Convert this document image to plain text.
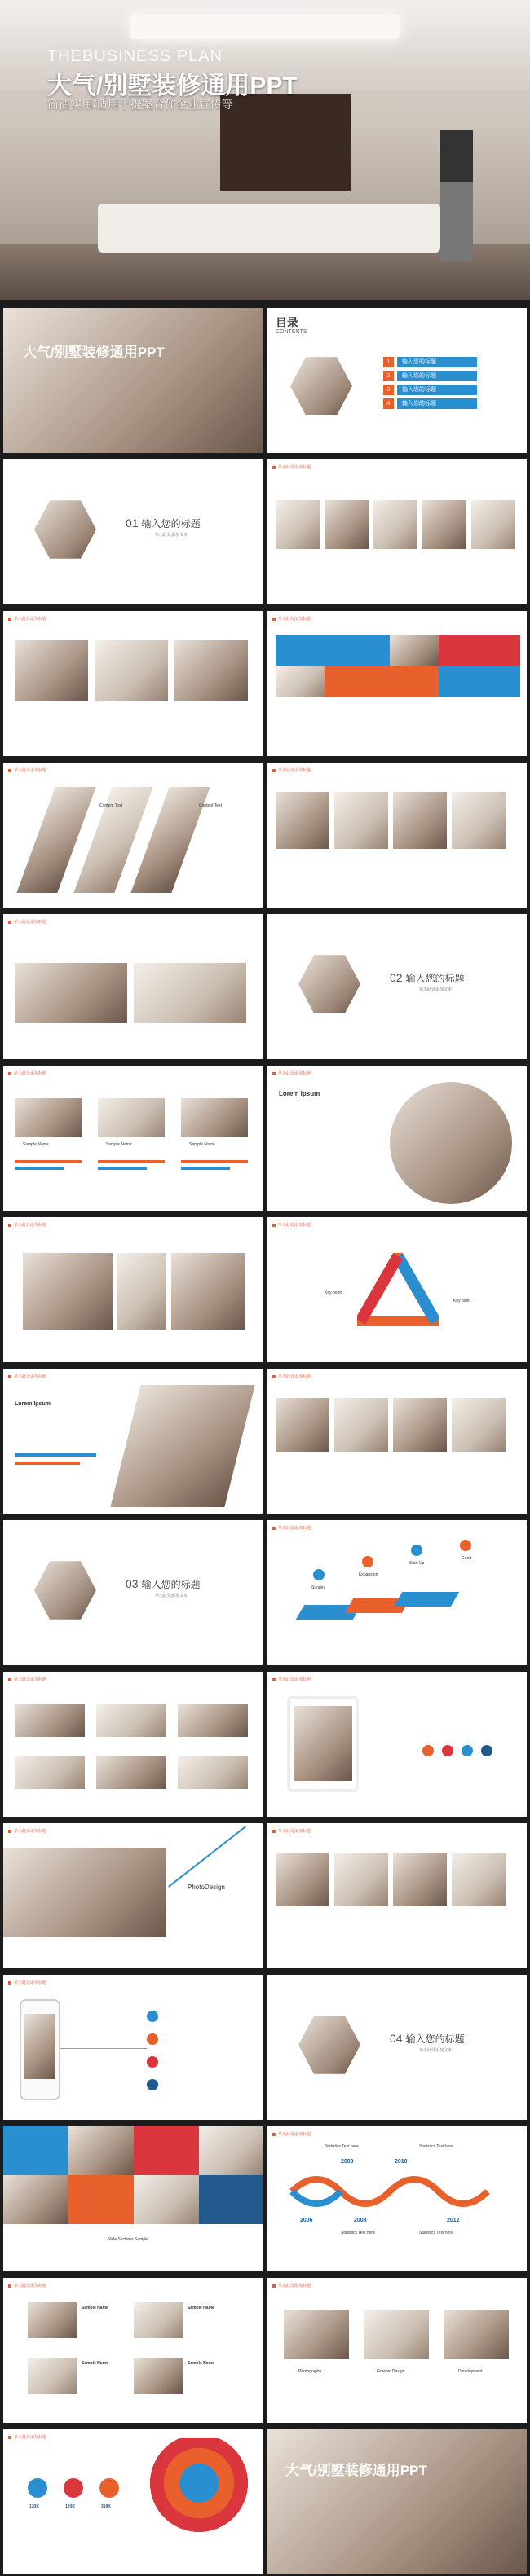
THEBUSINESS PLAN
大气/别墅装修通用PPT
简洁实用/适用于提案合作企业宣传等
大气/别墅装修通用PPT
目录
CONTENTS
1 输入您的标题
2 输入您的标题
3 输入您的标题
4 输入您的标题
01 输入您的标题
单击此处添加文本
单击此处添加标题
单击此处添加标题	单击此处添加标题
单击此处添加标题
Content Text	Content Text
单击此处添加标题
单击此处添加标题
02 输入您的标题
单击此处添加文本
单击此处添加标题
Sample Name	Sample Name	Sample Name
单击此处添加标题
Lorem Ipsum
单击此处添加标题	单击此处添加标题
Key point
Key point
单击此处添加标题
Lorem Ipsum
单击此处添加标题
03 输入您的标题
单击此处添加文本
单击此处添加标题
Suraley
Expansion
Start Up
Good
单击此处添加标题	单击此处添加标题
单击此处添加标题
PhotoDesign
单击此处添加标题
单击此处添加标题
04 输入您的标题
单击此处添加文本
Slide Sections Sample
单击此处添加标题
Statistics Text here	Statistics Text here
2006	2008
2009	2010
2012
Statistics Text here	Statistics Text here
单击此处添加标题
Sample Name	Sample Name
Sample Name	Sample Name
单击此处添加标题
Photography	Graphic Design	Development
单击此处添加标题
120K	120K	319K
大气/别墅装修通用PPT
